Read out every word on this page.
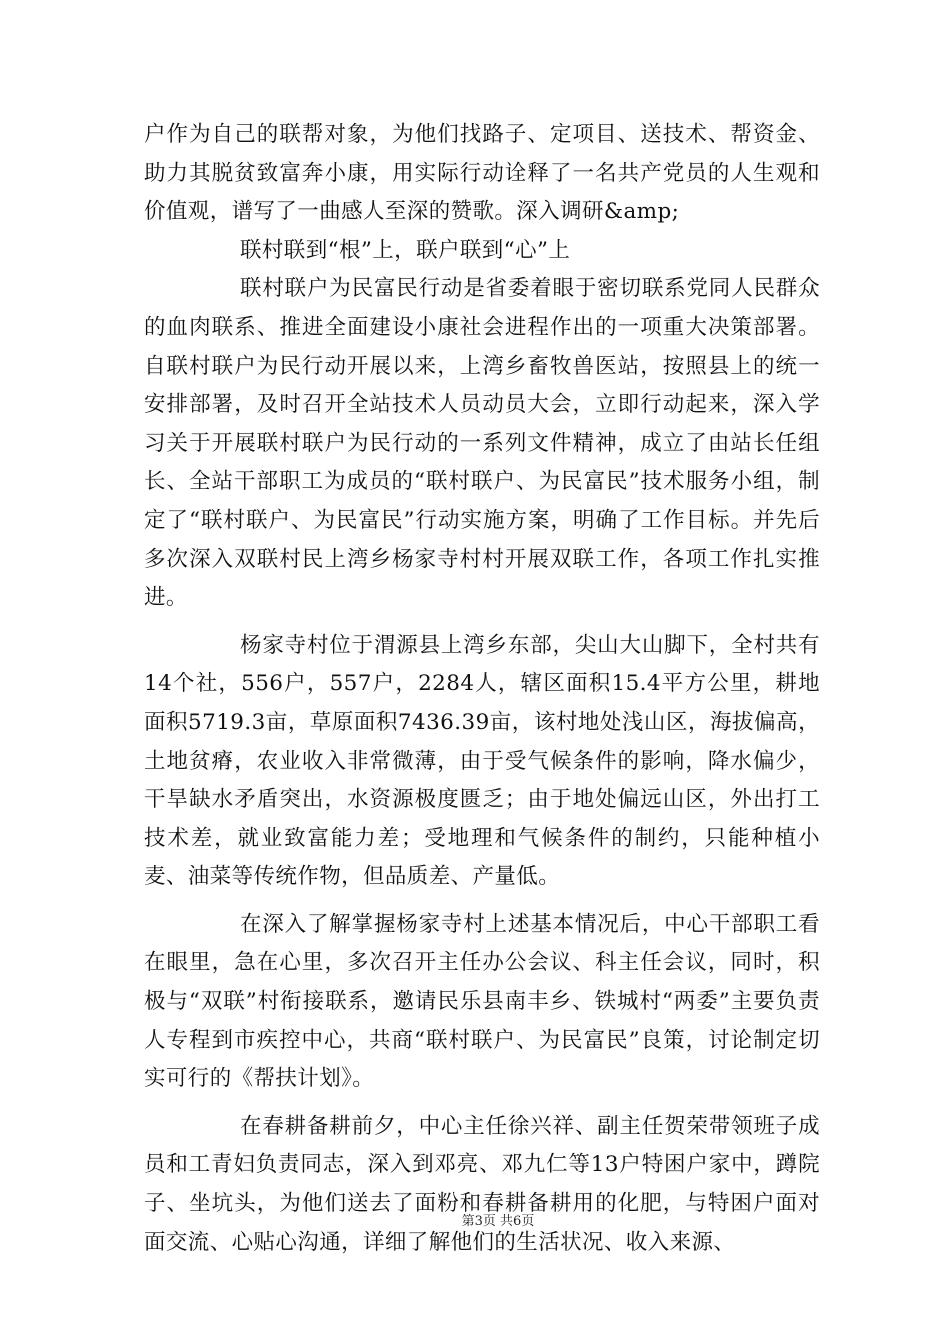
户作为自己的联帮对象，为他们找路子、定项目、送技术、帮资金、助力其脱贫致富奔小康，用实际行动诠释了一名共产党员的人生观和价值观，谱写了一曲感人至深的赞歌。深入调研&amp;

联村联到“根”上，联户联到“心”上

联村联户为民富民行动是省委着眼于密切联系党同人民群众的血肉联系、推进全面建设小康社会进程作出的一项重大决策部署。自联村联户为民行动开展以来，上湾乡畜牧兽医站，按照县上的统一安排部署，及时召开全站技术人员动员大会，立即行动起来，深入学习关于开展联村联户为民行动的一系列文件精神，成立了由站长任组长、全站干部职工为成员的“联村联户、为民富民”技术服务小组，制定了“联村联户、为民富民”行动实施方案，明确了工作目标。并先后多次深入双联村民上湾乡杨家寺村村开展双联工作，各项工作扎实推进。

杨家寺村位于渭源县上湾乡东部，尖山大山脚下，全村共有14个社，556户，557户，2284人，辖区面积15.4平方公里，耕地面积5719.3亩，草原面积7436.39亩，该村地处浅山区，海拔偏高，土地贫瘠，农业收入非常微薄，由于受气候条件的影响，降水偏少，干旱缺水矛盾突出，水资源极度匮乏；由于地处偏远山区，外出打工技术差，就业致富能力差；受地理和气候条件的制约，只能种植小麦、油菜等传统作物，但品质差、产量低。

在深入了解掌握杨家寺村上述基本情况后，中心干部职工看在眼里，急在心里，多次召开主任办公会议、科主任会议，同时，积极与“双联”村衔接联系，邀请民乐县南丰乡、铁城村“两委”主要负责人专程到市疾控中心，共商“联村联户、为民富民”良策，讨论制定切实可行的《帮扶计划》。

在春耕备耕前夕，中心主任徐兴祥、副主任贺荣带领班子成员和工青妇负责同志，深入到邓亮、邓九仁等13户特困户家中，蹲院子、坐坑头，为他们送去了面粉和春耕备耕用的化肥，与特困户面对面交流、心贴心沟通，详细了解他们的生活状况、收入来源、

第3页 共6页
